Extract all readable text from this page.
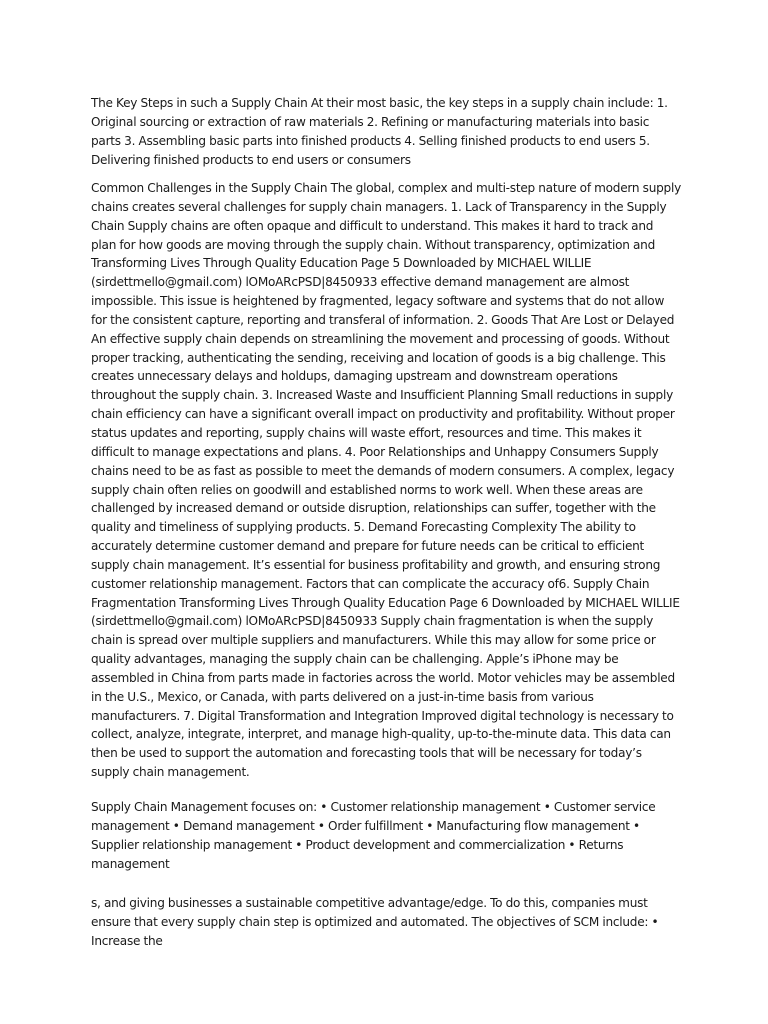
The Key Steps in such a Supply Chain At their most basic, the key steps in a supply chain include: 1. Original sourcing or extraction of raw materials 2. Refining or manufacturing materials into basic parts 3. Assembling basic parts into finished products 4. Selling finished products to end users 5. Delivering finished products to end users or consumers

Common Challenges in the Supply Chain The global, complex and multi-step nature of modern supply chains creates several challenges for supply chain managers. 1. Lack of Transparency in the Supply Chain Supply chains are often opaque and difficult to understand. This makes it hard to track and plan for how goods are moving through the supply chain. Without transparency, optimization and Transforming Lives Through Quality Education Page 5 Downloaded by MICHAEL WILLIE (sirdettmello@gmail.com) lOMoARcPSD|8450933 effective demand management are almost impossible. This issue is heightened by fragmented, legacy software and systems that do not allow for the consistent capture, reporting and transferal of information. 2. Goods That Are Lost or Delayed An effective supply chain depends on streamlining the movement and processing of goods. Without proper tracking, authenticating the sending, receiving and location of goods is a big challenge. This creates unnecessary delays and holdups, damaging upstream and downstream operations throughout the supply chain. 3. Increased Waste and Insufficient Planning Small reductions in supply chain efficiency can have a significant overall impact on productivity and profitability. Without proper status updates and reporting, supply chains will waste effort, resources and time. This makes it difficult to manage expectations and plans. 4. Poor Relationships and Unhappy Consumers Supply chains need to be as fast as possible to meet the demands of modern consumers. A complex, legacy supply chain often relies on goodwill and established norms to work well. When these areas are challenged by increased demand or outside disruption, relationships can suffer, together with the quality and timeliness of supplying products. 5. Demand Forecasting Complexity The ability to accurately determine customer demand and prepare for future needs can be critical to efficient supply chain management. It’s essential for business profitability and growth, and ensuring strong customer relationship management. Factors that can complicate the accuracy of6. Supply Chain Fragmentation Transforming Lives Through Quality Education Page 6 Downloaded by MICHAEL WILLIE (sirdettmello@gmail.com) lOMoARcPSD|8450933 Supply chain fragmentation is when the supply chain is spread over multiple suppliers and manufacturers. While this may allow for some price or quality advantages, managing the supply chain can be challenging. Apple’s iPhone may be assembled in China from parts made in factories across the world. Motor vehicles may be assembled in the U.S., Mexico, or Canada, with parts delivered on a just-in-time basis from various manufacturers. 7. Digital Transformation and Integration Improved digital technology is necessary to collect, analyze, integrate, interpret, and manage high-quality, up-to-the-minute data. This data can then be used to support the automation and forecasting tools that will be necessary for today’s supply chain management.

Supply Chain Management focuses on: • Customer relationship management • Customer service management • Demand management • Order fulfillment • Manufacturing flow management • Supplier relationship management • Product development and commercialization • Returns management

s, and giving businesses a sustainable competitive advantage/edge. To do this, companies must ensure that every supply chain step is optimized and automated. The objectives of SCM include: • Increase the
